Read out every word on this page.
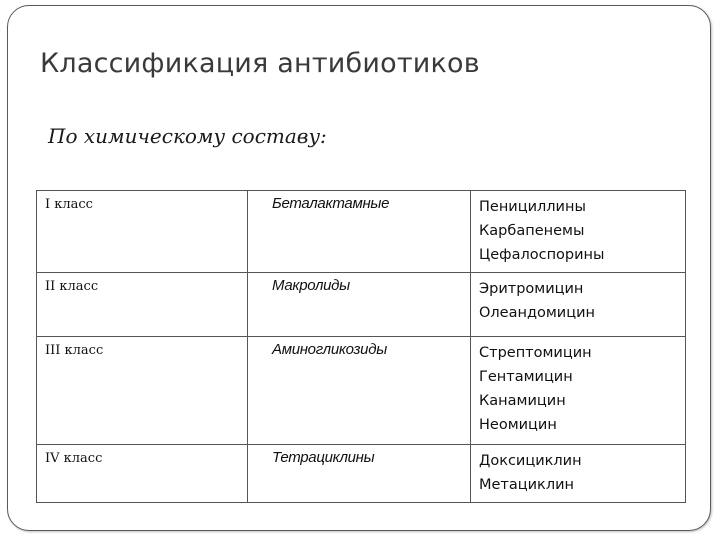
Классификация антибиотиков

По химическому составу:

I класс	Беталактамные	Пенициллины
Карбапенемы
Цефалоспорины

II класс	Макролиды	Эритромицин
Олеандомицин

III класс	Аминогликозиды	Стрептомицин
Гентамицин
Канамицин
Неомицин

IV класс	Тетрациклины	Доксициклин
Метациклин
